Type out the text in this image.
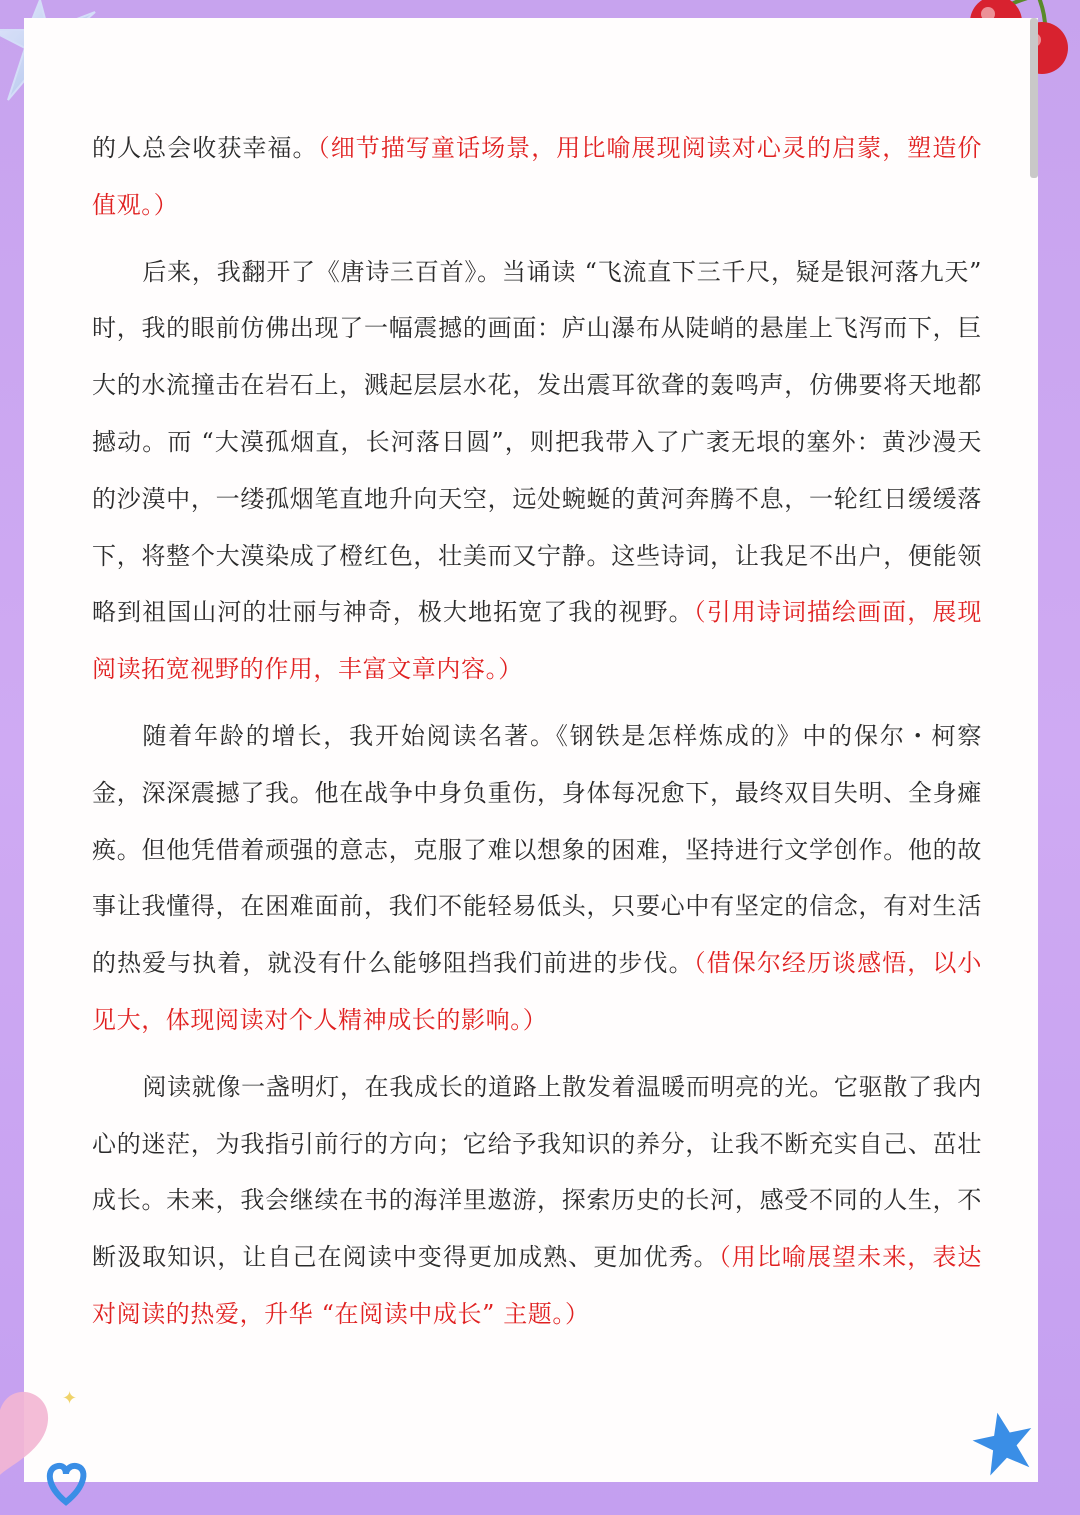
的人总会收获幸福。（细节描写童话场景，用比喻展现阅读对心灵的启蒙，塑造价值观。）

后来，我翻开了《唐诗三百首》。当诵读 “飞流直下三千尺，疑是银河落九天” 时，我的眼前仿佛出现了一幅震撼的画面：庐山瀑布从陡峭的悬崖上飞泻而下，巨大的水流撞击在岩石上，溅起层层水花，发出震耳欲聋的轰鸣声，仿佛要将天地都撼动。而 “大漠孤烟直，长河落日圆”，则把我带入了广袤无垠的塞外：黄沙漫天的沙漠中，一缕孤烟笔直地升向天空，远处蜿蜒的黄河奔腾不息，一轮红日缓缓落下，将整个大漠染成了橙红色，壮美而又宁静。这些诗词，让我足不出户，便能领略到祖国山河的壮丽与神奇，极大地拓宽了我的视野。（引用诗词描绘画面，展现阅读拓宽视野的作用，丰富文章内容。）

随着年龄的增长，我开始阅读名著。《钢铁是怎样炼成的》中的保尔・柯察金，深深震撼了我。他在战争中身负重伤，身体每况愈下，最终双目失明、全身瘫痪。但他凭借着顽强的意志，克服了难以想象的困难，坚持进行文学创作。他的故事让我懂得，在困难面前，我们不能轻易低头，只要心中有坚定的信念，有对生活的热爱与执着，就没有什么能够阻挡我们前进的步伐。（借保尔经历谈感悟，以小见大，体现阅读对个人精神成长的影响。）

阅读就像一盏明灯，在我成长的道路上散发着温暖而明亮的光。它驱散了我内心的迷茫，为我指引前行的方向；它给予我知识的养分，让我不断充实自己、茁壮成长。未来，我会继续在书的海洋里遨游，探索历史的长河，感受不同的人生，不断汲取知识，让自己在阅读中变得更加成熟、更加优秀。（用比喻展望未来，表达对阅读的热爱，升华 “在阅读中成长” 主题。）

✦
